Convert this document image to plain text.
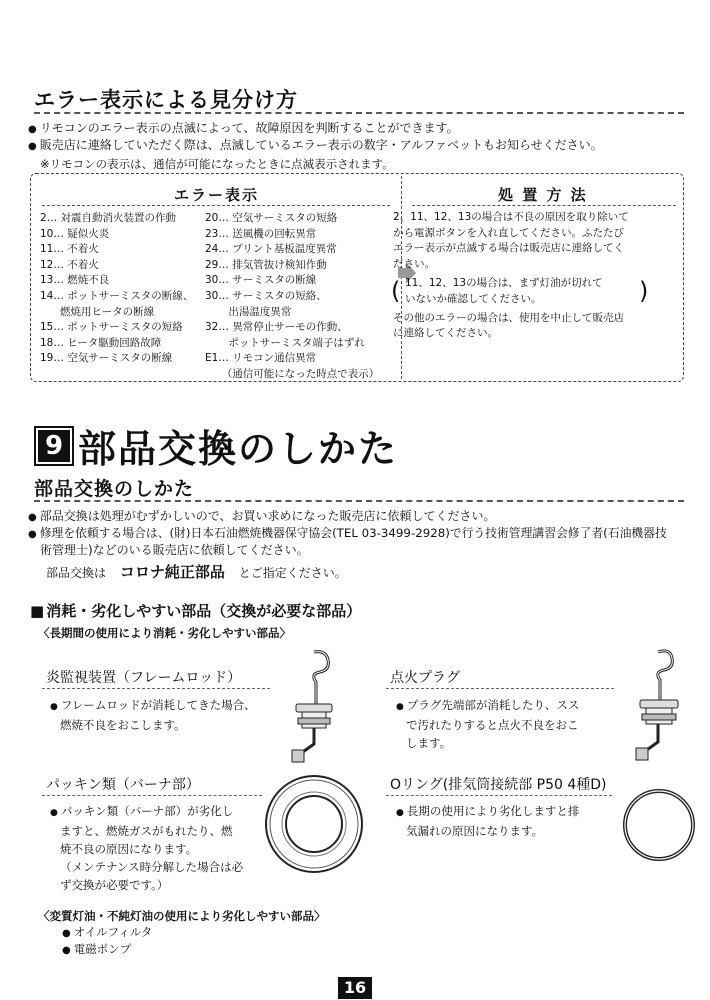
エラー表示による見分け方
● リモコンのエラー表示の点滅によって、故障原因を判断することができます。
● 販売店に連絡していただく際は、点滅しているエラー表示の数字・アルファベットもお知らせください。
※リモコンの表示は、通信が可能になったときに点滅表示されます。
エラー表示	処 置 方 法
2… 対震自動消火装置の作動
10… 疑似火炎
11… 不着火
12… 不着火
13… 燃焼不良
14… ポットサーミスタの断線、
燃焼用ヒータの断線
15… ポットサーミスタの短絡
18… ヒータ駆動回路故障
19… 空気サーミスタの断線
20… 空気サーミスタの短絡
23… 送風機の回転異常
24… プリント基板温度異常
29… 排気管抜け検知作動
30… サーミスタの断線
30… サーミスタの短絡、
出湯温度異常
32… 異常停止サーモの作動、
ポットサーミスタ端子はずれ
E1… リモコン通信異常
（通信可能になった時点で表示）
2、11、12、13の場合は不良の原因を取り除いて
から電源ボタンを入れ直してください。ふたたび
エラー表示が点滅する場合は販売店に連絡してく
ださい。
( 11、12、13の場合は、まず灯油が切れて
いないか確認してください。	)
その他のエラーの場合は、使用を中止して販売店
に連絡してください。
9 部品交換のしかた
部品交換のしかた
● 部品交換は処理がむずかしいので、お買い求めになった販売店に依頼してください。
● 修理を依頼する場合は、(財)日本石油燃焼機器保守協会(TEL 03-3499-2928)で行う技術管理講習会修了者(石油機器技
術管理士)などのいる販売店に依頼してください。
部品交換は コロナ純正部品 とご指定ください。
■ 消耗・劣化しやすい部品（交換が必要な部品）
〈長期間の使用により消耗・劣化しやすい部品〉
炎監視装置（フレームロッド）
● フレームロッドが消耗してきた場合、
燃焼不良をおこします。
点火プラグ
● プラグ先端部が消耗したり、スス
で汚れたりすると点火不良をおこ
します。
パッキン類（バーナ部）
● パッキン類（バーナ部）が劣化し
ますと、燃焼ガスがもれたり、燃
焼不良の原因になります。
（メンテナンス時分解した場合は必
ず交換が必要です。）
Oリング(排気筒接続部 P50 4種D)
● 長期の使用により劣化しますと排
気漏れの原因になります。
〈変質灯油・不純灯油の使用により劣化しやすい部品〉
● オイルフィルタ
● 電磁ポンプ
16
